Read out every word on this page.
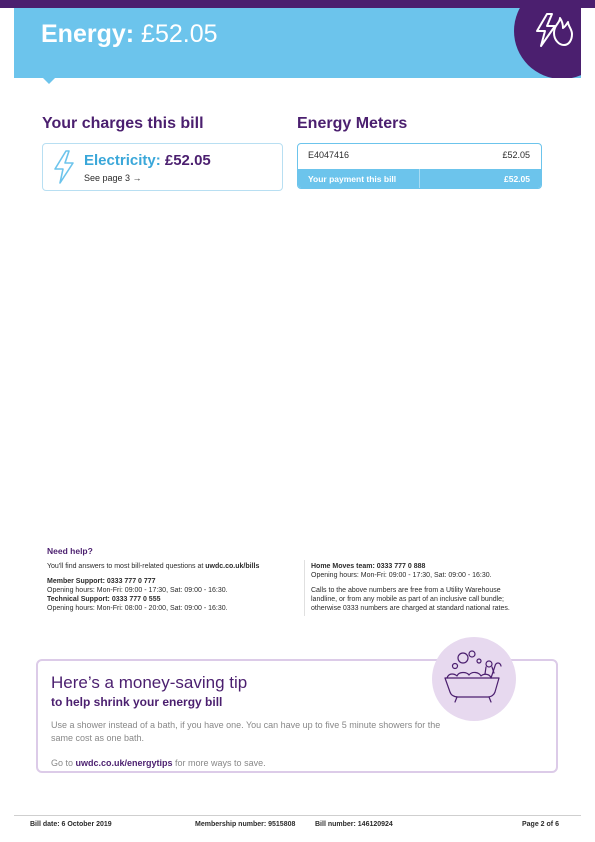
Energy: £52.05
Your charges this bill	Energy Meters
Electricity: £52.05
See page 3 →
E4047416	£52.05
Your payment this bill	£52.05
Need help?
You'll find answers to most bill-related questions at uwdc.co.uk/bills
Member Support: 0333 777 0 777
Opening hours: Mon-Fri: 09:00 - 17:30, Sat: 09:00 - 16:30.
Technical Support: 0333 777 0 555
Opening hours: Mon-Fri: 08:00 - 20:00, Sat: 09:00 - 16:30.
Home Moves team: 0333 777 0 888
Opening hours: Mon-Fri: 09:00 - 17:30, Sat: 09:00 - 16:30.
Calls to the above numbers are free from a Utility Warehouse
landline, or from any mobile as part of an inclusive call bundle;
otherwise 0333 numbers are charged at standard national rates.
Here’s a money-saving tip
to help shrink your energy bill
Use a shower instead of a bath, if you have one. You can have up to five 5 minute showers for the same cost as one bath.
Go to uwdc.co.uk/energytips for more ways to save.
Bill date: 6 October 2019	Membership number: 9515808	Bill number: 146120924	Page 2 of 6
